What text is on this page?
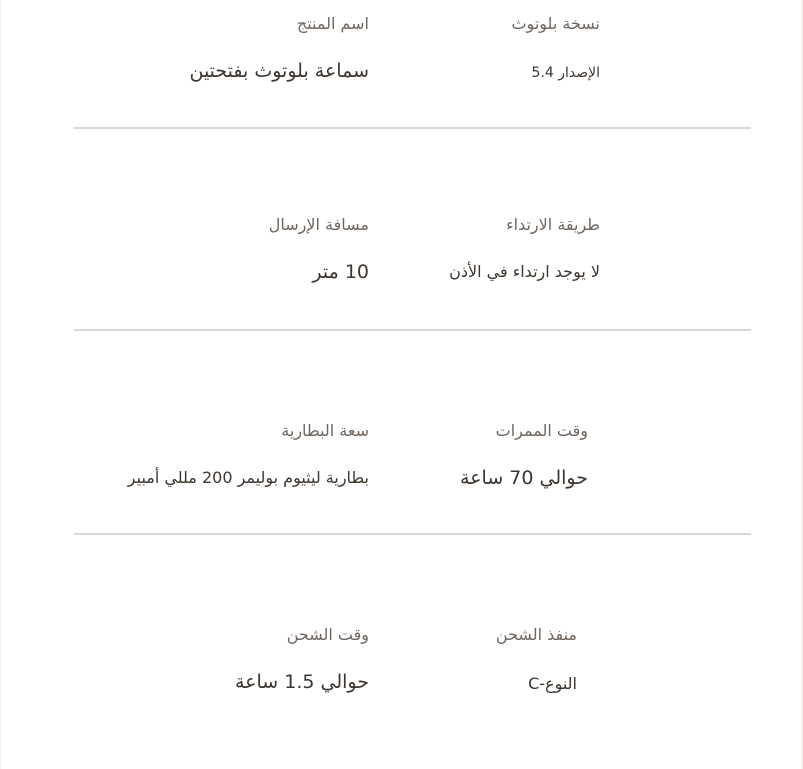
نسخة بلوتوث
الإصدار 5.4
اسم المنتج
سماعة بلوتوث بفتحتين
طريقة الارتداء
لا يوجد ارتداء في الأذن
مسافة الإرسال
10 متر
وقت الممرات
حوالي 70 ساعة
سعة البطارية
بطارية ليثيوم بوليمر 200 مللي أمبير
منفذ الشحن
النوع-C
وقت الشحن
حوالي 1.5 ساعة
